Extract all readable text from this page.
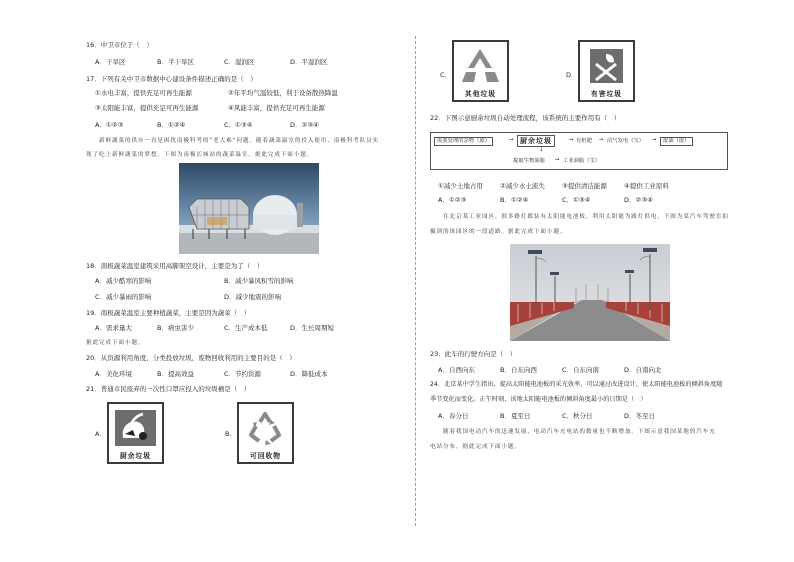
16．中卫市位于（　）
A．干旱区	B．半干旱区	C．湿润区	D．半湿润区
17．下列有关中卫市数据中心建设条件描述正确的是（　）
①水电丰富，提供充足可再生能源	②年平均气温较低，利于设备散热降温
③太阳能丰富，提供充足可再生能源	④风能丰富，提供充足可再生能源
A．①②③	B．①②④	C．①③④	D．②③④
　　新鲜蔬菜的供应一直是困扰南极科考的“老大难”问题。随着蔬菜温室的投入使用，南极科考队员实
现了吃上新鲜蔬菜的梦想。下图为南极长城站的蔬菜温室。据此完成下面小题。
18．南极蔬菜温室建筑采用高脚架空设计，主要是为了（　）
A．减少酷寒的影响	B．减少暴风积雪的影响
C．减少暴雨的影响	D．减少地震的影响
19．南极蔬菜温室主要种植蔬菜，主要是因为蔬菜（　）
A．需求量大	B．病虫害少	C．生产成本低	D．生长周期短
据此完成下面小题。
20．从资源利用角度，分类投放垃圾、废物回收利用的主要目的是（　）
A．美化环境	B．提高效益	C．节约资源	D．降低成本
21．普通市民废弃的一次性口罩应投入的垃圾桶是（　）
A．
厨余垃圾
B．
可回收物
C．
其他垃圾
D．
有害垃圾
22．下图示意厨余垃圾自动处理流程，该系统的主要作用有（　）
需要处理的杂物（废）	→ 厨余垃圾	→ 有机肥 → 沼气发电（宝） →	废油（废）
↓
提取生物油脂 → 工业油脂（宝）
①减少土地占用	②减少水土流失	③提供清洁能源	④提供工业原料
A．①②③	B．①②④	C．①③④	D．②③④
　　在北京某工业园区，很多路灯都装有太阳能电池板，利用太阳能为路灯供电。下图为某汽车驾驶室拍
摄到的该园区的一段道路。据此完成下面小题。
23．此车的行驶方向是（　）
A．自西向东	B．自东向西	C．自东向南	D．自南向北
24．北京某中学生指出，提高太阳能电池板的采光效率，可以通过改进设计，使太阳能电池板的倾斜角度随
季节变化而变化。正午时刻，该地太阳能电池板的倾斜角度最小的日期是（　）
A．春分日	B．夏至日	C．秋分日	D．冬至日
　　随着我国电动汽车的迅速发展，电动汽车充电站的数量也不断增加。下图示意我国某地的汽车充
电站分布。据此完成下面小题。
